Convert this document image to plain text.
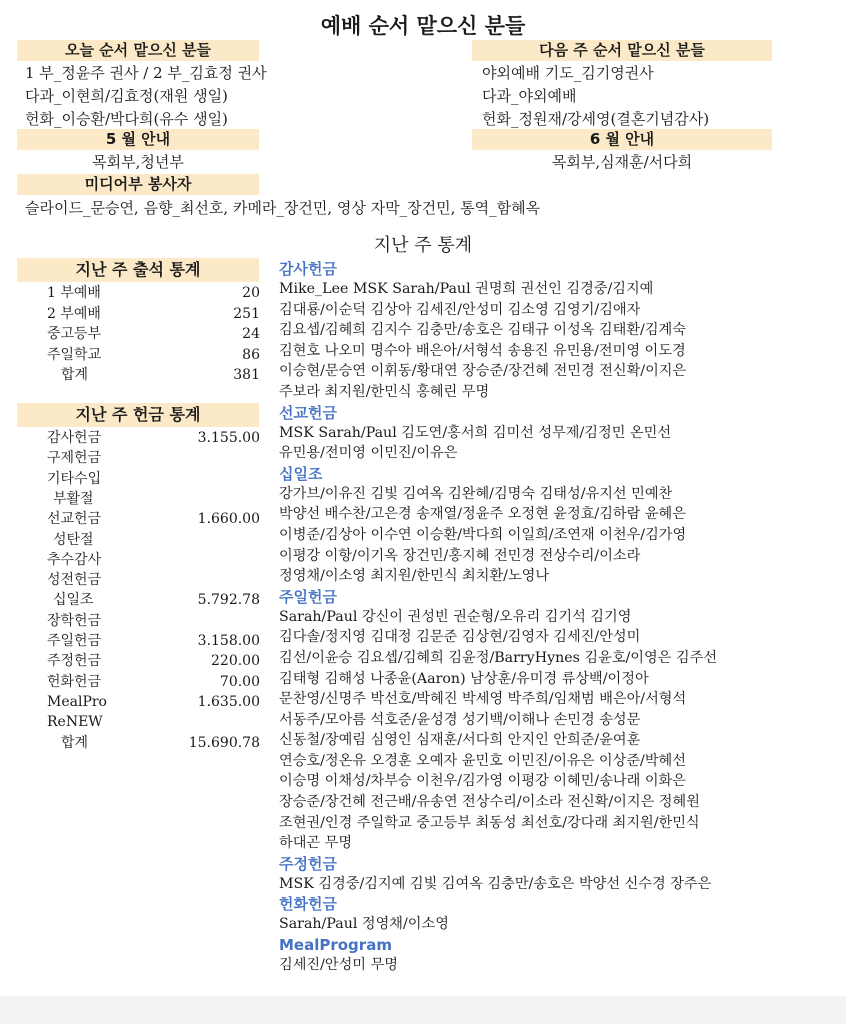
예배 순서 맡으신 분들
오늘 순서 맡으신 분들
1 부_정윤주 권사 / 2 부_김효정 권사
다과_이현희/김효정(재원 생일)
헌화_이승환/박다희(유수 생일)
다음 주 순서 맡으신 분들
야외예배 기도_김기영권사
다과_야외예배
헌화_정원재/강세영(결혼기념감사)
5 월 안내
목회부,청년부
6 월 안내
목회부,심재훈/서다희
미디어부 봉사자
슬라이드_문승연, 음향_최선호, 카메라_장건민, 영상 자막_장건민, 통역_함혜옥
지난 주 통계
지난 주 출석 통계
1 부예배	20
2 부예배	251
중고등부	24
주일학교	86
합계	381
지난 주 헌금 통계
감사헌금	3.155.00
구제헌금
기타수입
부활절
선교헌금	1.660.00
성탄절
추수감사
성전헌금
십일조	5.792.78
장학헌금
주일헌금	3.158.00
주정헌금	220.00
헌화헌금	70.00
MealPro	1.635.00
ReNEW
합계	15.690.78
감사헌금
Mike_Lee MSK Sarah/Paul 권명희 권선인 김경중/김지예
김대룡/이순덕 김상아 김세진/안성미 김소영 김영기/김애자
김요셉/김혜희 김지수 김충만/송호은 김태규 이성옥 김태환/김계숙
김현호 나오미 명수아 배은아/서형석 송용진 유민용/전미영 이도경
이승현/문승연 이휘동/황대연 장승준/장건혜 전민경 전신확/이지은
주보라 최지원/한민식 홍혜린 무명
선교헌금
MSK Sarah/Paul 김도연/홍서희 김미선 성무제/김정민 온민선
유민용/전미영 이민진/이유은
십일조
강가브/이유진 김빛 김여옥 김완혜/김명숙 김태성/유지선 민예찬
박양선 배수찬/고은경 송재열/정윤주 오정현 윤정효/김하람 윤혜은
이병준/김상아 이수연 이승환/박다희 이일희/조연재 이천우/김가영
이평강 이항/이기옥 장건민/홍지혜 전민경 전상수리/이소라
정영채/이소영 최지원/한민식 최치환/노영나
주일헌금
Sarah/Paul 강신이 권성빈 권순형/오유리 김기석 김기영
김다솔/정지영 김대정 김문준 김상현/김영자 김세진/안성미
김선/이윤승 김요셉/김혜희 김윤정/BarryHynes 김윤호/이영은 김주선
김태형 김해성 나종윤(Aaron) 남상훈/유미경 류상백/이정아
문찬영/신명주 박선호/박혜진 박세영 박주희/임채범 배은아/서형석
서동주/모아름 석호준/윤성경 성기백/이해나 손민경 송성문
신동철/장예림 심영인 심재훈/서다희 안지인 안희준/윤여훈
연승호/정온유 오경훈 오예자 윤민호 이민진/이유은 이상준/박혜선
이승명 이채성/차부승 이천우/김가영 이평강 이혜민/송나래 이화은
장승준/장건혜 전근배/유송연 전상수리/이소라 전신확/이지은 정혜원
조현권/인경 주일학교 중고등부 최동성 최선호/강다래 최지원/한민식
하대곤 무명
주정헌금
MSK 김경중/김지예 김빛 김여옥 김충만/송호은 박양선 신수경 장주은
헌화헌금
Sarah/Paul 정영채/이소영
MealProgram
김세진/안성미 무명
